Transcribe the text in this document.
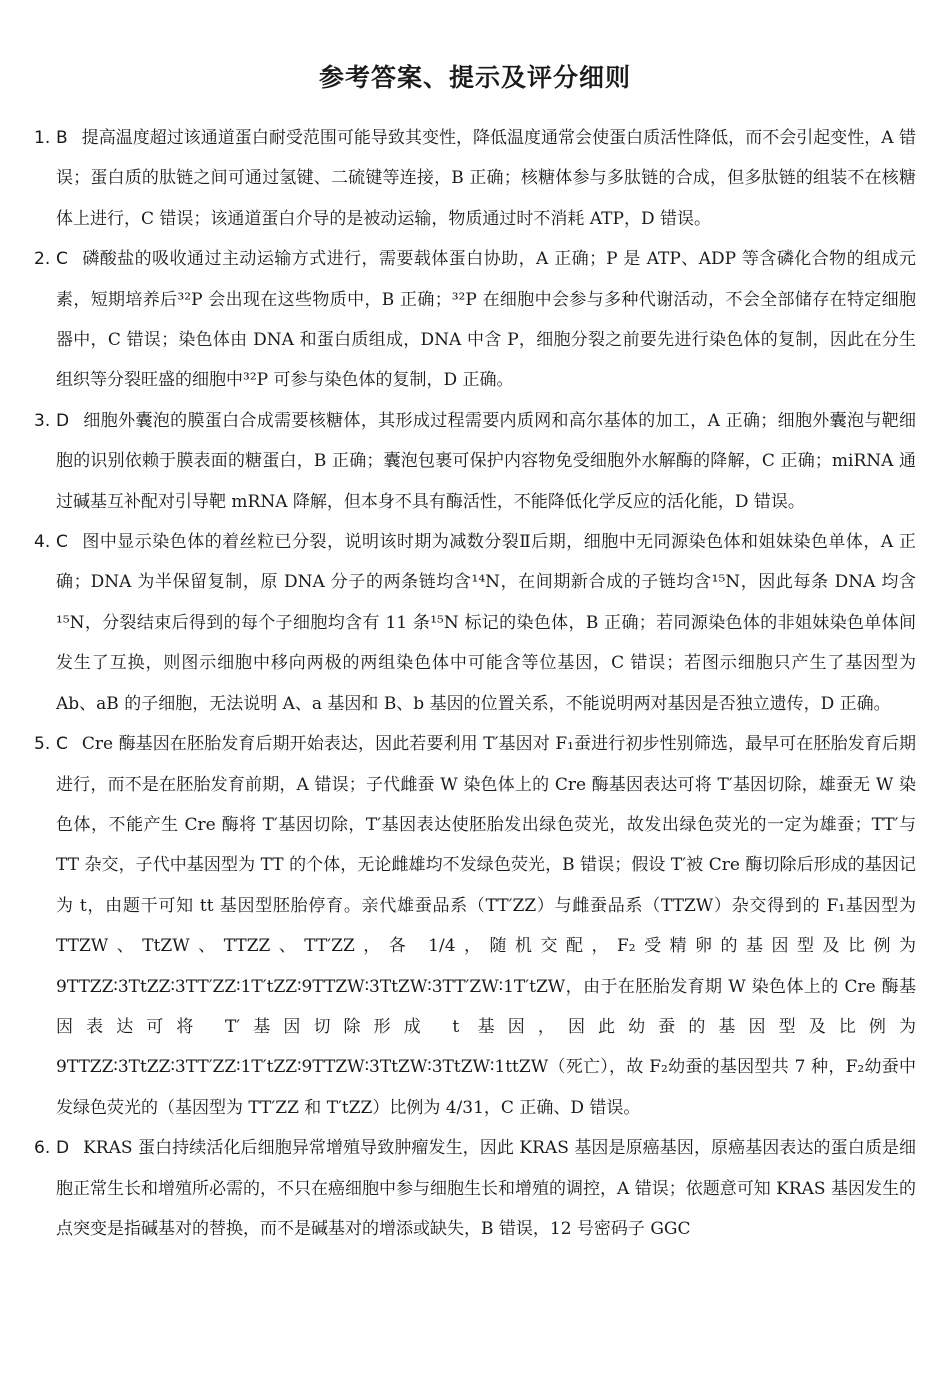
参考答案、提示及评分细则
1. B 提高温度超过该通道蛋白耐受范围可能导致其变性，降低温度通常会使蛋白质活性降低，而不会引起变性，A 错误；蛋白质的肽链之间可通过氢键、二硫键等连接，B 正确；核糖体参与多肽链的合成，但多肽链的组装不在核糖体上进行，C 错误；该通道蛋白介导的是被动运输，物质通过时不消耗 ATP，D 错误。
2. C 磷酸盐的吸收通过主动运输方式进行，需要载体蛋白协助，A 正确；P 是 ATP、ADP 等含磷化合物的组成元素，短期培养后³²P 会出现在这些物质中，B 正确；³²P 在细胞中会参与多种代谢活动，不会全部储存在特定细胞器中，C 错误；染色体由 DNA 和蛋白质组成，DNA 中含 P，细胞分裂之前要先进行染色体的复制，因此在分生组织等分裂旺盛的细胞中³²P 可参与染色体的复制，D 正确。
3. D 细胞外囊泡的膜蛋白合成需要核糖体，其形成过程需要内质网和高尔基体的加工，A 正确；细胞外囊泡与靶细胞的识别依赖于膜表面的糖蛋白，B 正确；囊泡包裹可保护内容物免受细胞外水解酶的降解，C 正确；miRNA 通过碱基互补配对引导靶 mRNA 降解，但本身不具有酶活性，不能降低化学反应的活化能，D 错误。
4. C 图中显示染色体的着丝粒已分裂，说明该时期为减数分裂Ⅱ后期，细胞中无同源染色体和姐妹染色单体，A 正确；DNA 为半保留复制，原 DNA 分子的两条链均含¹⁴N，在间期新合成的子链均含¹⁵N，因此每条 DNA 均含¹⁵N，分裂结束后得到的每个子细胞均含有 11 条¹⁵N 标记的染色体，B 正确；若同源染色体的非姐妹染色单体间发生了互换，则图示细胞中移向两极的两组染色体中可能含等位基因，C 错误；若图示细胞只产生了基因型为 Ab、aB 的子细胞，无法说明 A、a 基因和 B、b 基因的位置关系，不能说明两对基因是否独立遗传，D 正确。
5. C Cre 酶基因在胚胎发育后期开始表达，因此若要利用 T′基因对 F₁蚕进行初步性别筛选，最早可在胚胎发育后期进行，而不是在胚胎发育前期，A 错误；子代雌蚕 W 染色体上的 Cre 酶基因表达可将 T′基因切除，雄蚕无 W 染色体，不能产生 Cre 酶将 T′基因切除，T′基因表达使胚胎发出绿色荧光，故发出绿色荧光的一定为雄蚕；TT′与 TT 杂交，子代中基因型为 TT 的个体，无论雌雄均不发绿色荧光，B 错误；假设 T′被 Cre 酶切除后形成的基因记为 t，由题干可知 tt 基因型胚胎停育。亲代雄蚕品系（TT′ZZ）与雌蚕品系（TTZW）杂交得到的 F₁基因型为 TTZW、TtZW、TTZZ、TT′ZZ，各 1/4，随机交配，F₂受精卵的基因型及比例为 9TTZZ∶3TtZZ∶3TT′ZZ∶1T′tZZ∶9TTZW∶3TtZW∶3TT′ZW∶1T′tZW，由于在胚胎发育期 W 染色体上的 Cre 酶基因表达可将 T′基因切除形成 t 基因，因此幼蚕的基因型及比例为 9TTZZ∶3TtZZ∶3TT′ZZ∶1T′tZZ∶9TTZW∶3TtZW∶3TtZW∶1ttZW（死亡），故 F₂幼蚕的基因型共 7 种，F₂幼蚕中发绿色荧光的（基因型为 TT′ZZ 和 T′tZZ）比例为 4/31，C 正确、D 错误。
6. D KRAS 蛋白持续活化后细胞异常增殖导致肿瘤发生，因此 KRAS 基因是原癌基因，原癌基因表达的蛋白质是细胞正常生长和增殖所必需的，不只在癌细胞中参与细胞生长和增殖的调控，A 错误；依题意可知 KRAS 基因发生的点突变是指碱基对的替换，而不是碱基对的增添或缺失，B 错误，12 号密码子 GGC
